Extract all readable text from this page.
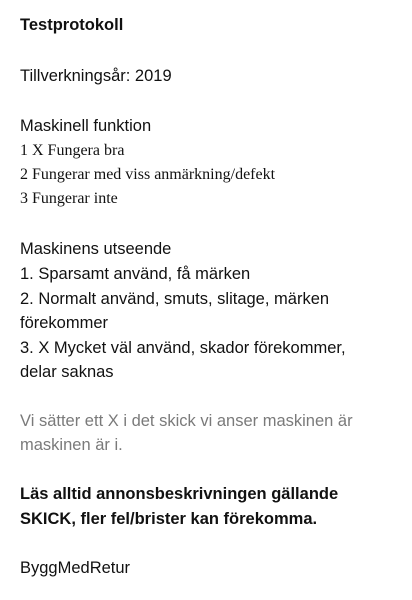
Testprotokoll
Tillverkningsår: 2019
Maskinell funktion
1 X Fungera bra
2 Fungerar med viss anmärkning/defekt
3 Fungerar inte
Maskinens utseende
1. Sparsamt använd, få märken
2. Normalt använd, smuts, slitage, märken
förekommer
3. X Mycket väl använd, skador förekommer,
delar saknas
Vi sätter ett X i det skick vi anser maskinen är
maskinen är i.
Läs alltid annonsbeskrivningen gällande
SKICK, fler fel/brister kan förekomma.
ByggMedRetur
